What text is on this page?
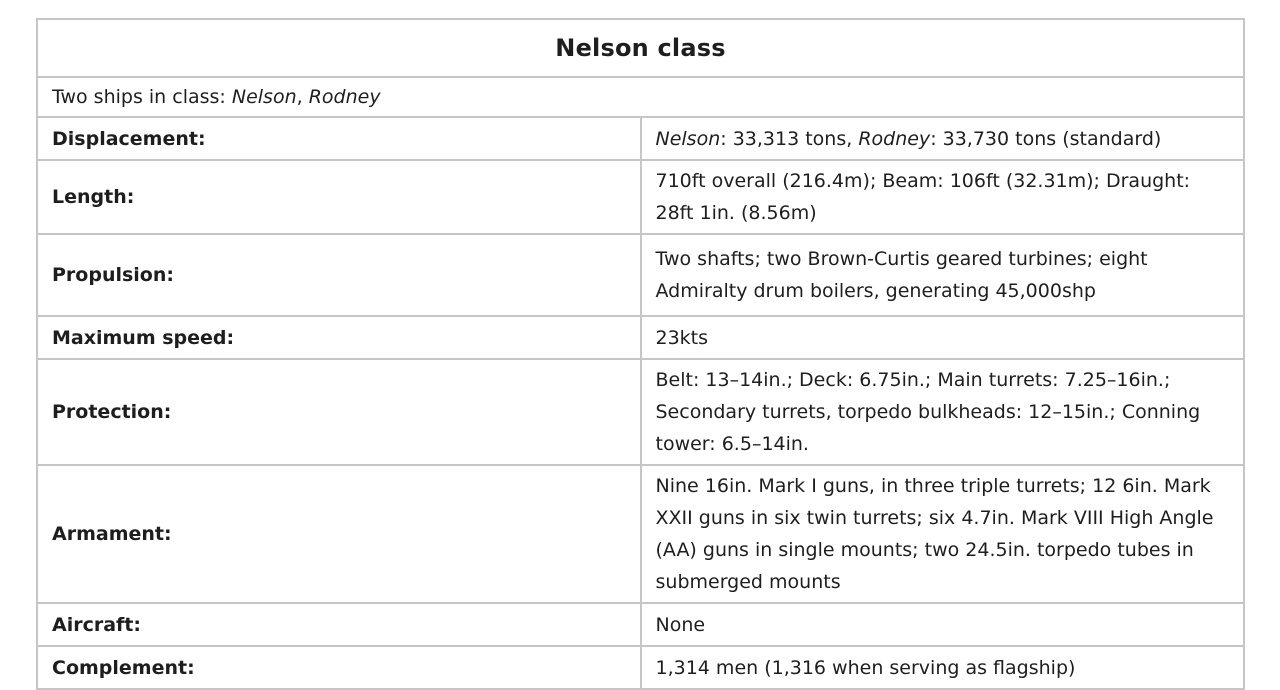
Nelson class	
Two ships in class: Nelson, Rodney	
Displacement:	Nelson: 33,313 tons, Rodney: 33,730 tons (standard)
Length:	710ft overall (216.4m); Beam: 106ft (32.31m); Draught: 28ft 1in. (8.56m)
Propulsion:	Two shafts; two Brown-Curtis geared turbines; eight Admiralty drum boilers, generating 45,000shp
Maximum speed:	23kts
Protection:	Belt: 13–14in.; Deck: 6.75in.; Main turrets: 7.25–16in.; Secondary turrets, torpedo bulkheads: 12–15in.; Conning tower: 6.5–14in.
Armament:	Nine 16in. Mark I guns, in three triple turrets; 12 6in. Mark XXII guns in six twin turrets; six 4.7in. Mark VIII High Angle (AA) guns in single mounts; two 24.5in. torpedo tubes in submerged mounts
Aircraft:	None
Complement:	1,314 men (1,316 when serving as flagship)
